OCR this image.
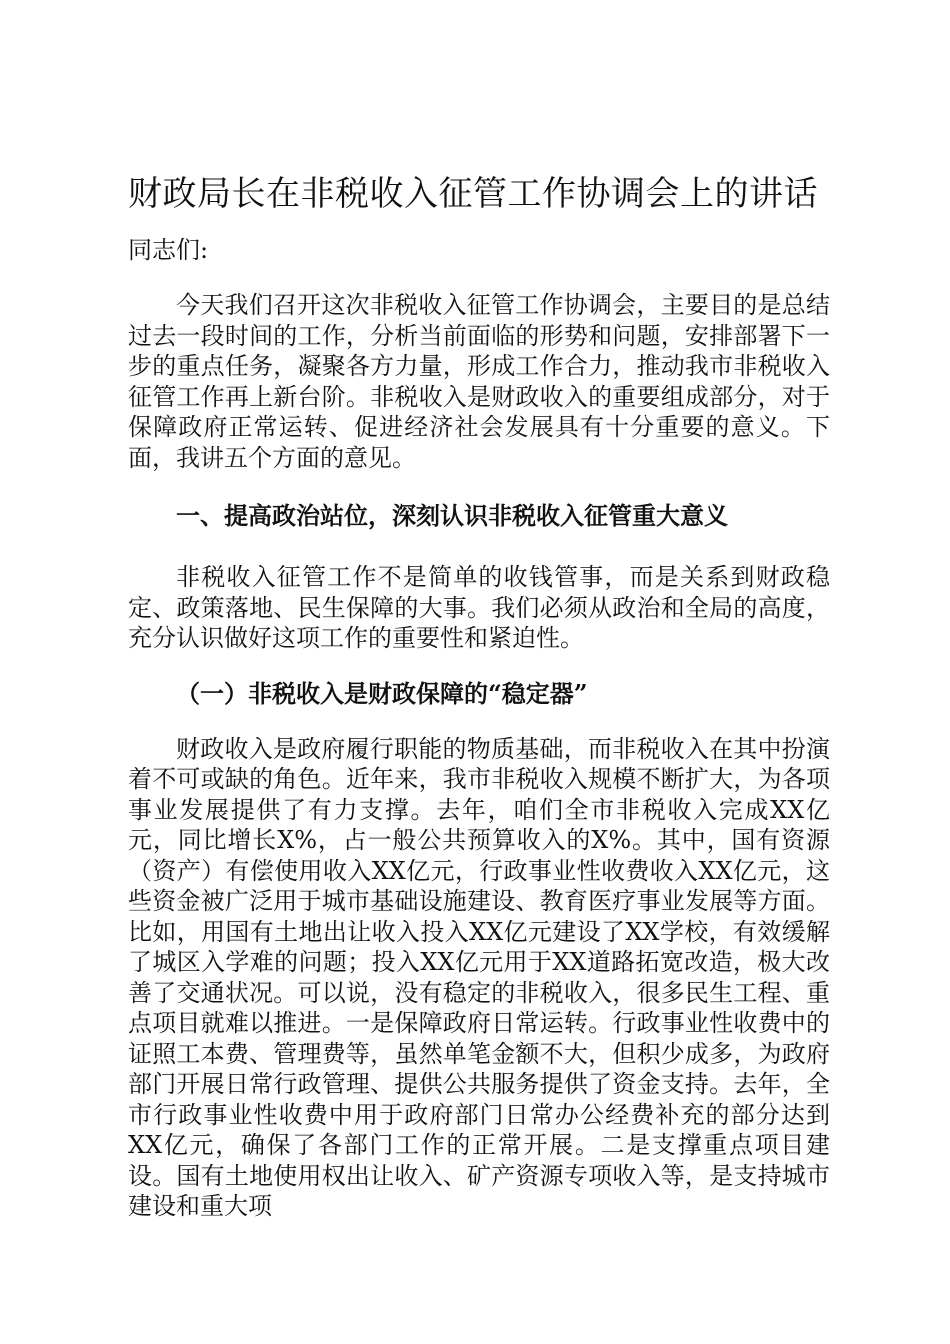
财政局长在非税收入征管工作协调会上的讲话

同志们:

今天我们召开这次非税收入征管工作协调会，主要目的是总结过去一段时间的工作，分析当前面临的形势和问题，安排部署下一步的重点任务，凝聚各方力量，形成工作合力，推动我市非税收入征管工作再上新台阶。非税收入是财政收入的重要组成部分，对于保障政府正常运转、促进经济社会发展具有十分重要的意义。下面，我讲五个方面的意见。

一、提高政治站位，深刻认识非税收入征管重大意义

非税收入征管工作不是简单的收钱管事，而是关系到财政稳定、政策落地、民生保障的大事。我们必须从政治和全局的高度，充分认识做好这项工作的重要性和紧迫性。

（一）非税收入是财政保障的“稳定器”

财政收入是政府履行职能的物质基础，而非税收入在其中扮演着不可或缺的角色。近年来，我市非税收入规模不断扩大，为各项事业发展提供了有力支撑。去年，咱们全市非税收入完成XX亿元，同比增长X%，占一般公共预算收入的X%。其中，国有资源（资产）有偿使用收入XX亿元，行政事业性收费收入XX亿元，这些资金被广泛用于城市基础设施建设、教育医疗事业发展等方面。比如，用国有土地出让收入投入XX亿元建设了XX学校，有效缓解了城区入学难的问题；投入XX亿元用于XX道路拓宽改造，极大改善了交通状况。可以说，没有稳定的非税收入，很多民生工程、重点项目就难以推进。一是保障政府日常运转。行政事业性收费中的证照工本费、管理费等，虽然单笔金额不大，但积少成多，为政府部门开展日常行政管理、提供公共服务提供了资金支持。去年，全市行政事业性收费中用于政府部门日常办公经费补充的部分达到XX亿元，确保了各部门工作的正常开展。二是支撑重点项目建设。国有土地使用权出让收入、矿产资源专项收入等，是支持城市建设和重大项
